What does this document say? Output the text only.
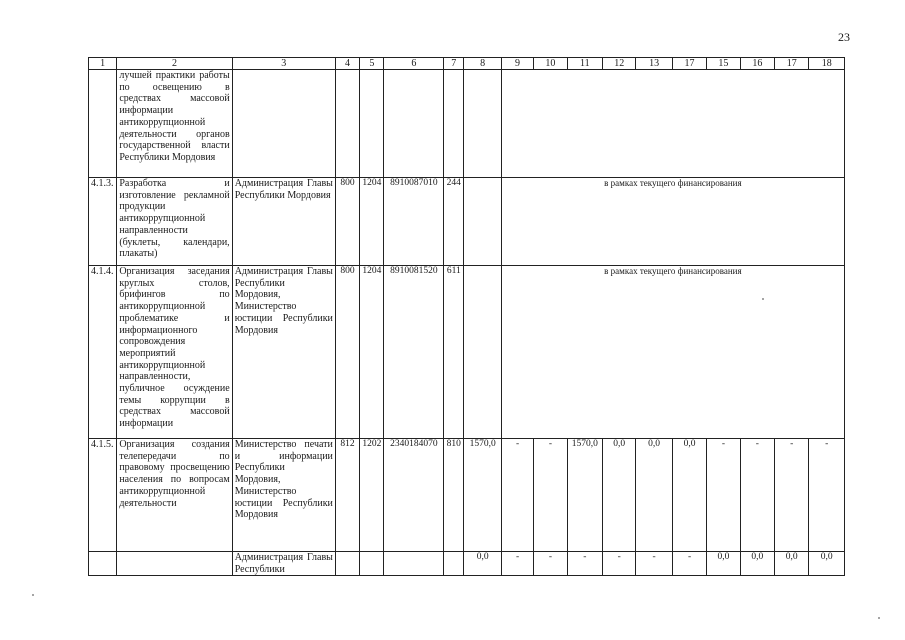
23
1	2	3	4	5	6	7	8	9	10	11	12	13	17	15	16	17	18
	лучшей практики работы по освещению в средствах массовой информации антикоррупционной деятельности органов государственной власти Республики Мордовия																
4.1.3.	Разработка и изготовление рекламной продукции антикоррупционной направленности (буклеты, календари, плакаты)	Администрация Главы Республики Мордовия	800	1204	8910087010	244		в рамках текущего финансирования									
4.1.4.	Организация заседания круглых столов, брифингов по антикоррупционной проблематике и информационного сопровождения мероприятий антикоррупционной направленности, публичное осуждение темы коррупции в средствах массовой информации	Администрация Главы Республики Мордовия, Министерство юстиции Республики Мордовия	800	1204	8910081520	611		в рамках текущего финансирования									
4.1.5.	Организация создания телепередачи по правовому просвещению населения по вопросам антикоррупционной деятельности	Министерство печати и информации Республики Мордовия, Министерство юстиции Республики Мордовия	812	1202	2340184070	810	1570,0	-	-	1570,0	0,0	0,0	0,0	-	-	-	-
		Администрация Главы Республики					0,0	-	-	-	-	-	-	0,0	0,0	0,0	0,0
